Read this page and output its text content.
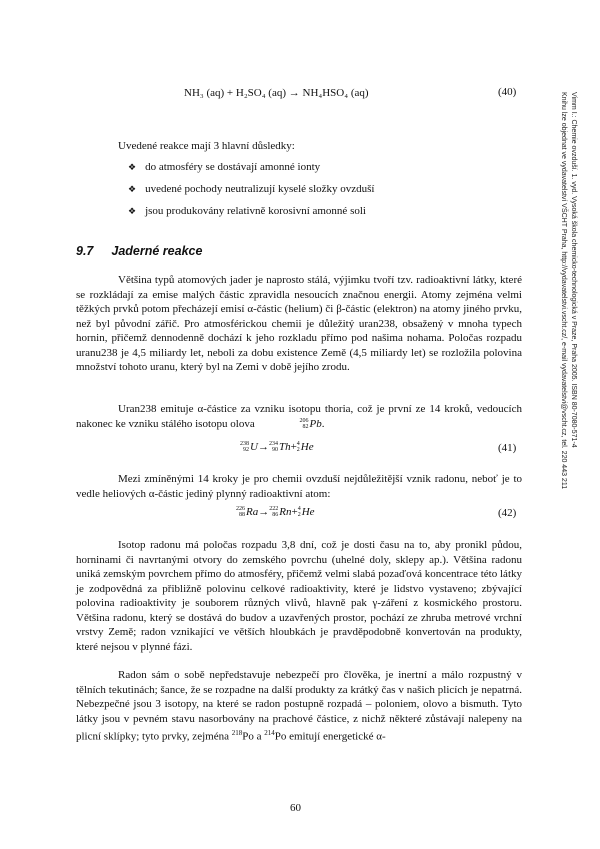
NH₃ (aq) + H₂SO₄ (aq) → NH₄HSO₄ (aq)	(40)
Uvedené reakce mají 3 hlavní důsledky:
❖ do atmosféry se dostávají amonné ionty
❖ uvedené pochody neutralizují kyselé složky ovzduší
❖ jsou produkovány relativně korosivní amonné soli
9.7 Jaderné reakce

Většina typů atomových jader je naprosto stálá, výjimku tvoří tzv. radioaktivní látky, které se rozkládají za emise malých částic zpravidla nesoucích značnou energii. Atomy zejména velmi těžkých prvků potom přecházejí emisí α-částic (helium) či β-částic (elektron) na atomy jiného prvku, než byl původní zářič. Pro atmosférickou chemii je důležitý uran238, obsažený v mnoha typech hornin, přičemž dennodenně dochází k jeho rozkladu přímo pod našima nohama. Poločas rozpadu uranu238 je 4,5 miliardy let, neboli za dobu existence Země (4,5 miliardy let) se rozložila polovina množství tohoto uranu, který byl na Zemi v době jejího zrodu.

Uran238 emituje α-částice za vzniku isotopu thoria, což je první ze 14 kroků, vedoucích nakonec ke vzniku stálého isotopu olova	206
82Pb.

238
92U→234
90Th+4
2He	(41)

Mezi zmíněnými 14 kroky je pro chemii ovzduší nejdůležitější vznik radonu, neboť je to vedle heliových α-částic jediný plynný radioaktivní atom:

226
88Ra→222
86Rn+4
2He	(42)

Isotop radonu má poločas rozpadu 3,8 dní, což je dosti času na to, aby pronikl půdou, horninami či navrtanými otvory do zemského povrchu (uhelné doly, sklepy ap.). Většina radonu uniká zemským povrchem přímo do atmosféry, přičemž velmi slabá pozaďová koncentrace této látky je zodpovědná za přibližně polovinu celkové radioaktivity, které je lidstvo vystaveno; zbývající polovina radioaktivity je souborem různých vlivů, hlavně pak γ-záření z kosmického prostoru. Většina radonu, který se dostává do budov a uzavřených prostor, pochází ze zhruba metrové vrchní vrstvy Země; radon vznikající ve větších hloubkách je pravděpodobně konvertován na produkty, které nejsou v plynné fázi.

Radon sám o sobě nepředstavuje nebezpečí pro člověka, je inertní a málo rozpustný v tělních tekutinách; šance, že se rozpadne na další produkty za krátký čas v našich plicích je nepatrná. Nebezpečné jsou 3 isotopy, na které se radon postupně rozpadá – poloniem, olovo a bismuth. Tyto látky jsou v pevném stavu nasorbovány na prachové částice, z nichž některé zůstávají nalepeny na plicní sklípky; tyto prvky, zejména $^{218}$Po a $^{214}$Po emitují energetické α-

Vimm I.: Chemie ovzduší. 1. vyd. Vysoká škola chemicko-technologická v Praze, Praha 2005. ISBN 80-7080-571-4
Knihu lze objednat ve vydavatelství VŠCHT Praha, http://vydavatelstvi.vscht.cz/, e-mail vydavatelstvi@vscht.cz, tel. 220 443 211
60
